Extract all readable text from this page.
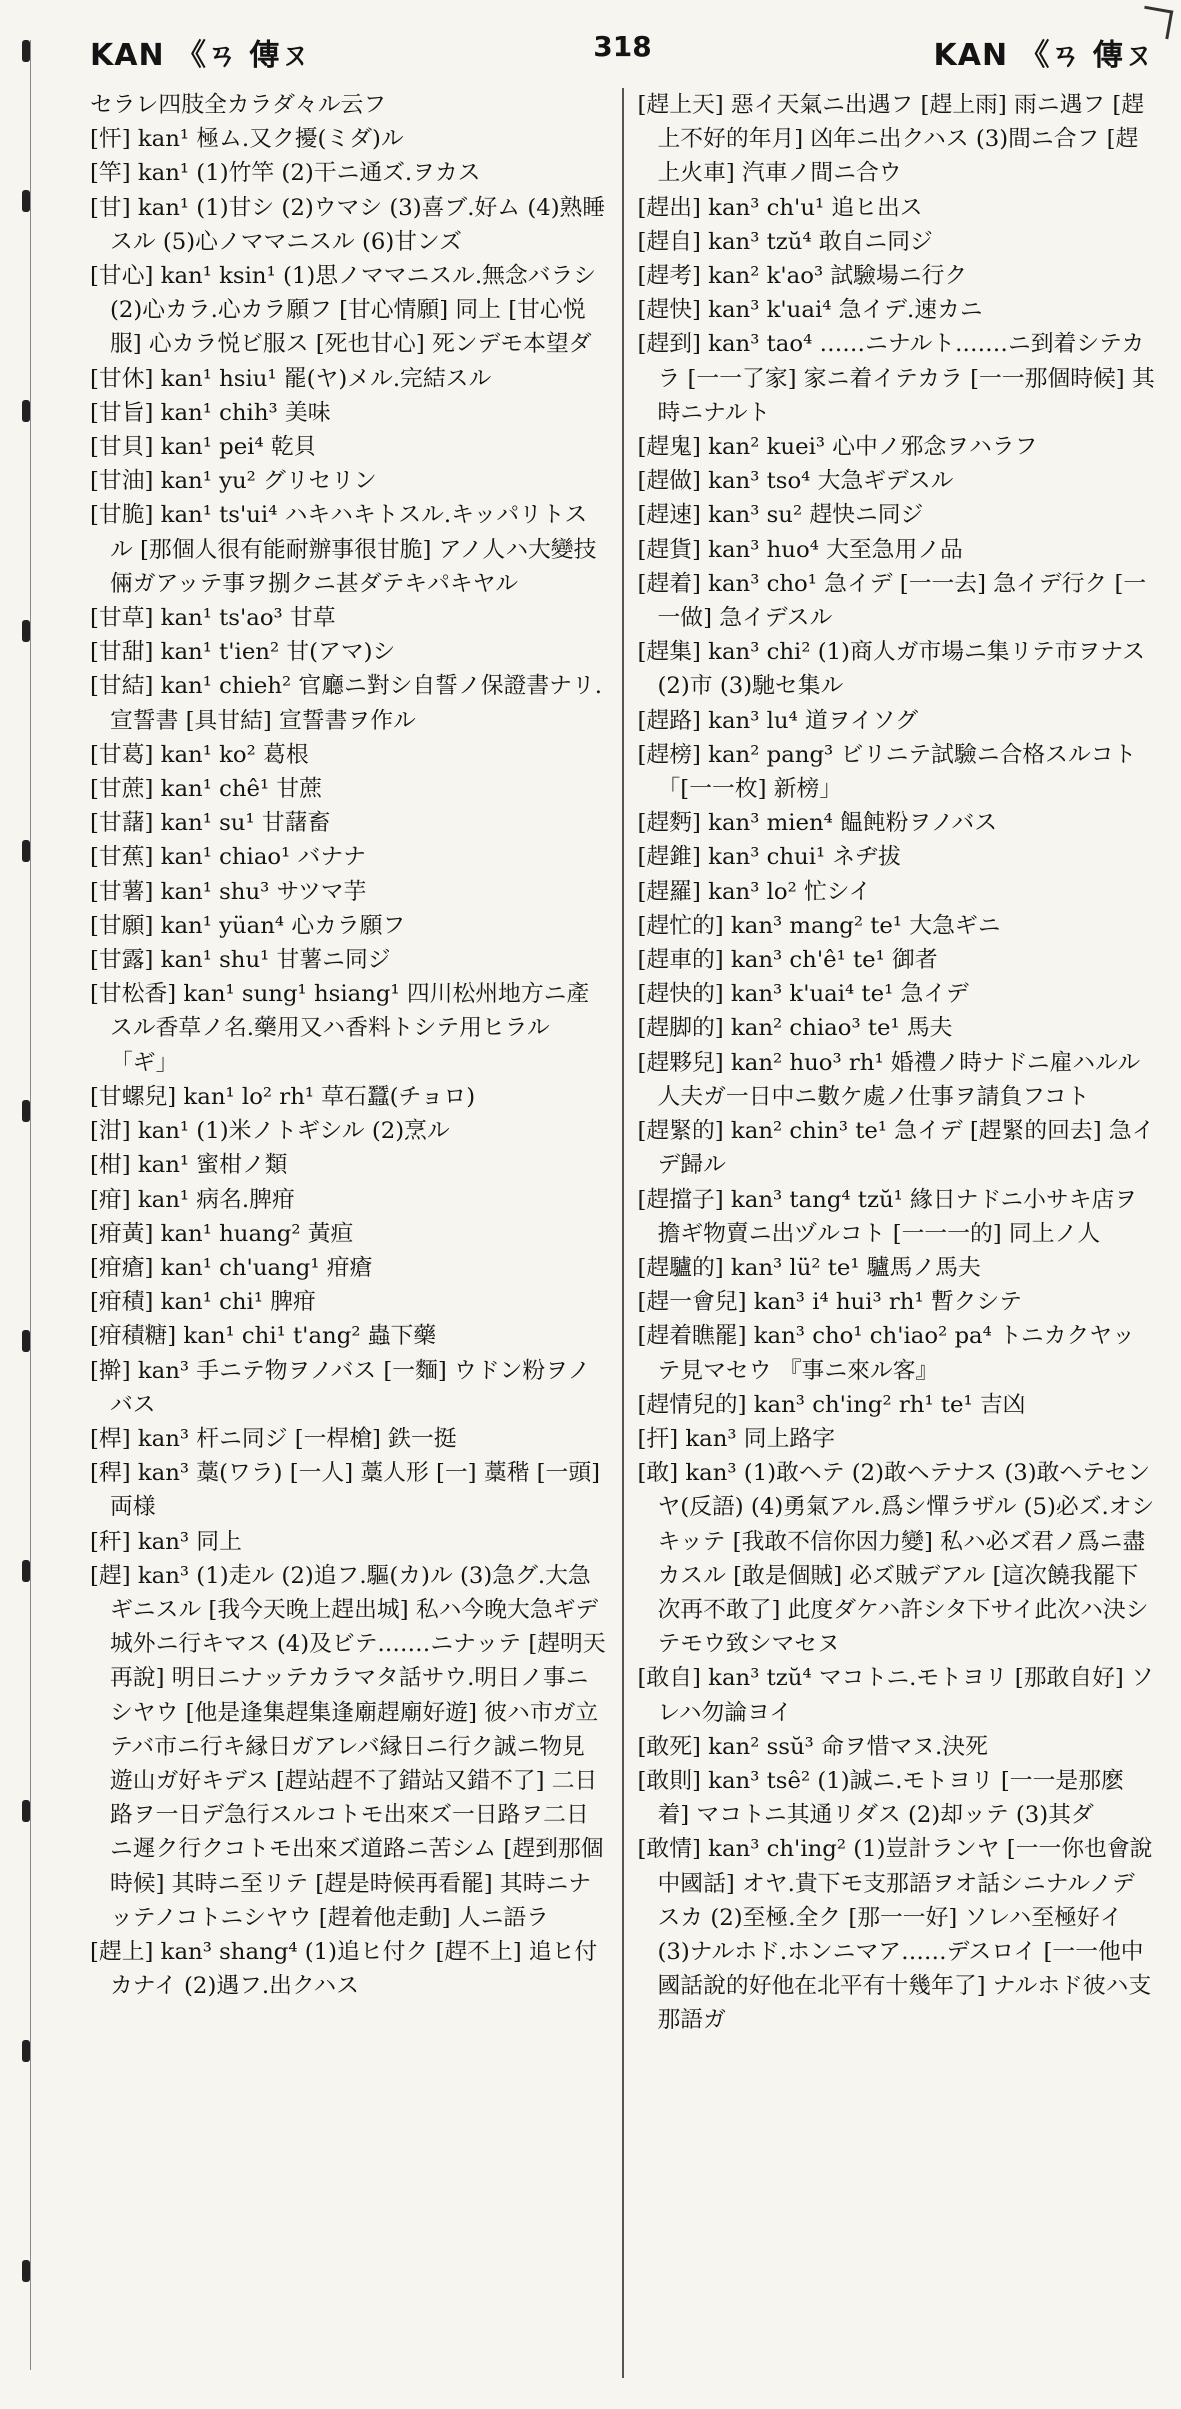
KAN 《ㄢ 𫝊ㄡ	318	KAN 《ㄢ 𫝊ㄡ

セラレ四肢全カラダ々ル云フ

[忓] kan¹ 極ム.又ク擾(ミダ)ル

[竿] kan¹ (1)竹竿 (2)干ニ通ズ.ヲカス

[甘] kan¹ (1)甘シ (2)ウマシ (3)喜ブ.好ム (4)熟睡スル (5)心ノママニスル (6)甘ンズ

[甘心] kan¹ ksin¹ (1)思ノママニスル.無念バラシ (2)心カラ.心カラ願フ [甘心情願] 同上 [甘心悦服] 心カラ悦ビ服ス [死也甘心] 死ンデモ本望ダ

[甘休] kan¹ hsiu¹ 罷(ヤ)メル.完結スル

[甘旨] kan¹ chih³ 美味

[甘貝] kan¹ pei⁴ 乾貝

[甘油] kan¹ yu² グリセリン

[甘脆] kan¹ ts'ui⁴ ハキハキトスル.キッパリトスル [那個人很有能耐辦事很甘脆] アノ人ハ大變技倆ガアッテ事ヲ捌クニ甚ダテキパキヤル

[甘草] kan¹ ts'ao³ 甘草

[甘甜] kan¹ t'ien² 甘(アマ)シ

[甘結] kan¹ chieh² 官廳ニ對シ自誓ノ保證書ナリ.宣誓書 [具甘結] 宣誓書ヲ作ル

[甘葛] kan¹ ko² 葛根

[甘蔗] kan¹ chê¹ 甘蔗

[甘藷] kan¹ su¹ 甘藷畜

[甘蕉] kan¹ chiao¹ バナナ

[甘薯] kan¹ shu³ サツマ芋

[甘願] kan¹ yüan⁴ 心カラ願フ

[甘露] kan¹ shu¹ 甘薯ニ同ジ

[甘松香] kan¹ sung¹ hsiang¹ 四川松州地方ニ產スル香草ノ名.藥用又ハ香料トシテ用ヒラル 「ギ」

[甘螺兒] kan¹ lo² rh¹ 草石蠶(チョロ)

[泔] kan¹ (1)米ノトギシル (2)烹ル

[柑] kan¹ 蜜柑ノ類

[疳] kan¹ 病名.脾疳

[疳黃] kan¹ huang² 黃疸

[疳瘡] kan¹ ch'uang¹ 疳瘡

[疳積] kan¹ chi¹ 脾疳

[疳積糖] kan¹ chi¹ t'ang² 蟲下藥

[擀] kan³ 手ニテ物ヲノバス [一麵] ウドン粉ヲノバス

[桿] kan³ 杆ニ同ジ [一桿槍] 鉄一挺

[稈] kan³ 藁(ワラ) [一人] 藁人形 [一] 藁稭 [一頭] 両様

[秆] kan³ 同上

[趕] kan³ (1)走ル (2)追フ.驅(カ)ル (3)急グ.大急ギニスル [我今天晚上趕出城] 私ハ今晚大急ギデ城外ニ行キマス (4)及ビテ.……ニナッテ [趕明天再說] 明日ニナッテカラマタ話サウ.明日ノ事ニシヤウ [他是逢集趕集逢廟趕廟好遊] 彼ハ市ガ立テバ市ニ行キ縁日ガアレバ縁日ニ行ク誠ニ物見遊山ガ好キデス [趕站趕不了錯站又錯不了] 二日路ヲ一日デ急行スルコトモ出來ズ一日路ヲ二日ニ遲ク行クコトモ出來ズ道路ニ苦シム [趕到那個時候] 其時ニ至リテ [趕是時候再看罷] 其時ニナッテノコトニシヤウ [趕着他走動] 人ニ語ラ

[趕上] kan³ shang⁴ (1)追ヒ付ク [趕不上] 追ヒ付カナイ (2)遇フ.出クハス

[趕上天] 惡イ天氣ニ出遇フ [趕上雨] 雨ニ遇フ [趕上不好的年月] 凶年ニ出クハス (3)間ニ合フ [趕上火車] 汽車ノ間ニ合ウ

[趕出] kan³ ch'u¹ 追ヒ出ス

[趕自] kan³ tzŭ⁴ 敢自ニ同ジ

[趕考] kan² k'ao³ 試驗場ニ行ク

[趕快] kan³ k'uai⁴ 急イデ.速カニ

[趕到] kan³ tao⁴ ……ニナルト.……ニ到着シテカラ [一一了家] 家ニ着イテカラ [一一那個時候] 其時ニナルト

[趕鬼] kan² kuei³ 心中ノ邪念ヲハラフ

[趕做] kan³ tso⁴ 大急ギデスル

[趕速] kan³ su² 趕快ニ同ジ

[趕貨] kan³ huo⁴ 大至急用ノ品

[趕着] kan³ cho¹ 急イデ [一一去] 急イデ行ク [一一做] 急イデスル

[趕集] kan³ chi² (1)商人ガ市場ニ集リテ市ヲナス (2)市 (3)馳セ集ル

[趕路] kan³ lu⁴ 道ヲイソグ

[趕榜] kan² pang³ ビリニテ試驗ニ合格スルコト 「[一一枚] 新榜」

[趕麪] kan³ mien⁴ 饂飩粉ヲノバス

[趕錐] kan³ chui¹ ネヂ拔

[趕羅] kan³ lo² 忙シイ

[趕忙的] kan³ mang² te¹ 大急ギニ

[趕車的] kan³ ch'ê¹ te¹ 御者

[趕快的] kan³ k'uai⁴ te¹ 急イデ

[趕脚的] kan² chiao³ te¹ 馬夫

[趕夥兒] kan² huo³ rh¹ 婚禮ノ時ナドニ雇ハルル人夫ガ一日中ニ數ケ處ノ仕事ヲ請負フコト

[趕緊的] kan² chin³ te¹ 急イデ [趕緊的回去] 急イデ歸ル

[趕擋子] kan³ tang⁴ tzŭ¹ 緣日ナドニ小サキ店ヲ擔ギ物賣ニ出ヅルコト [一一一的] 同上ノ人

[趕驢的] kan³ lü² te¹ 驢馬ノ馬夫

[趕一會兒] kan³ i⁴ hui³ rh¹ 暫クシテ

[趕着瞧罷] kan³ cho¹ ch'iao² pa⁴ トニカクヤッテ見マセウ 『事ニ來ル客』

[趕情兒的] kan³ ch'ing² rh¹ te¹ 吉凶

[扞] kan³ 同上路字

[敢] kan³ (1)敢ヘテ (2)敢ヘテナス (3)敢ヘテセンヤ(反語) (4)勇氣アル.爲シ憚ラザル (5)必ズ.オシキッテ [我敢不信你因力變] 私ハ必ズ君ノ爲ニ盡カスル [敢是個賊] 必ズ賊デアル [這次饒我罷下次再不敢了] 此度ダケハ許シタ下サイ此次ハ決シテモウ致シマセヌ

[敢自] kan³ tzŭ⁴ マコトニ.モトヨリ [那敢自好] ソレハ勿論ヨイ

[敢死] kan² ssŭ³ 命ヲ惜マヌ.決死

[敢則] kan³ tsê² (1)誠ニ.モトヨリ [一一是那麽着] マコトニ其通リダス (2)却ッテ (3)其ダ

[敢情] kan³ ch'ing² (1)豈計ランヤ [一一你也會說中國話] オヤ.貴下モ支那語ヲオ話シニナルノデスカ (2)至極.全ク [那一一好] ソレハ至極好イ (3)ナルホド.ホンニマア……デスロイ [一一他中國話說的好他在北平有十幾年了] ナルホド彼ハ支那語ガ
